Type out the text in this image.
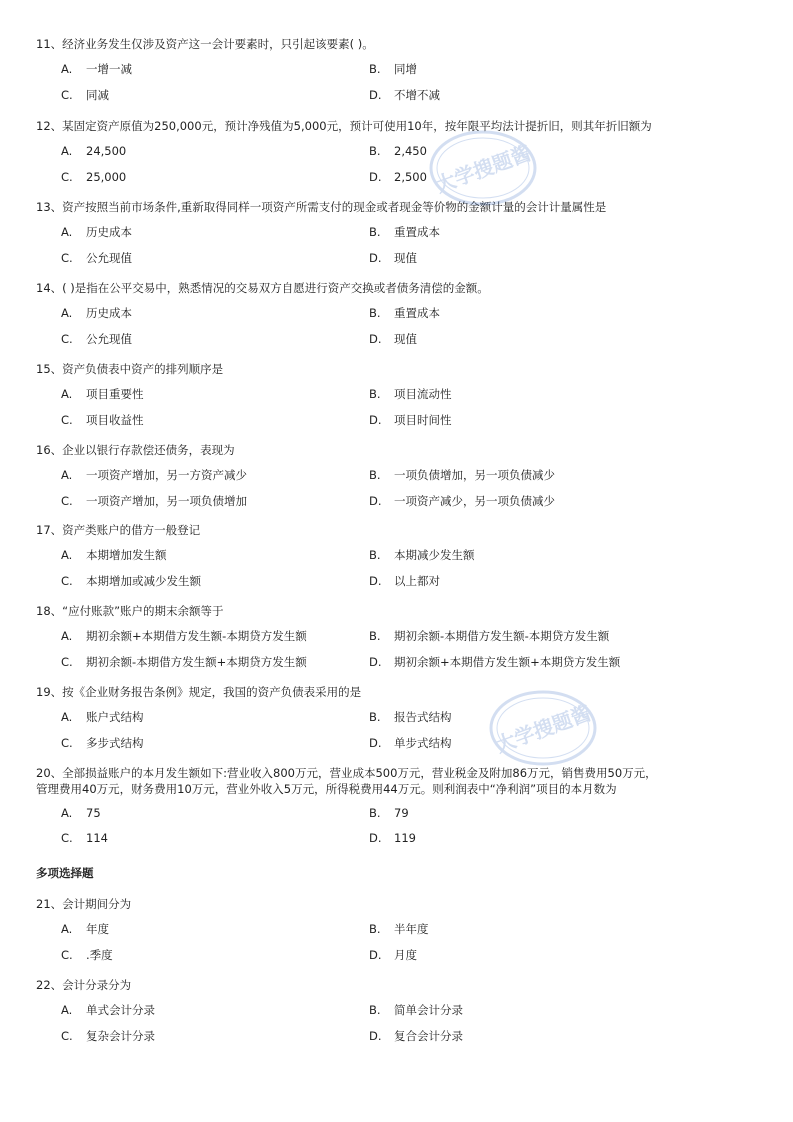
11、经济业务发生仅涉及资产这一会计要素时，只引起该要素( )。
A. 一增一减	B. 同增
C. 同减	D. 不增不减
12、某固定资产原值为250,000元，预计净残值为5,000元，预计可使用10年，按年限平均法计提折旧，则其年折旧额为
A. 24,500	B. 2,450
C. 25,000	D. 2,500
13、资产按照当前市场条件,重新取得同样一项资产所需支付的现金或者现金等价物的金额计量的会计计量属性是
A. 历史成本	B. 重置成本
C. 公允现值	D. 现值
14、( )是指在公平交易中，熟悉情况的交易双方自愿进行资产交换或者债务清偿的金额。
A. 历史成本	B. 重置成本
C. 公允现值	D. 现值
15、资产负债表中资产的排列顺序是
A. 项目重要性	B. 项目流动性
C. 项目收益性	D. 项目时间性
16、企业以银行存款偿还债务，表现为
A. 一项资产增加，另一方资产减少	B. 一项负债增加，另一项负债减少
C. 一项资产增加，另一项负债增加	D. 一项资产减少，另一项负债减少
17、资产类账户的借方一般登记
A. 本期增加发生额	B. 本期减少发生额
C. 本期增加或减少发生额	D. 以上都对
18、“应付账款”账户的期末余额等于
A. 期初余额+本期借方发生额-本期贷方发生额	B. 期初余额-本期借方发生额-本期贷方发生额
C. 期初余额-本期借方发生额+本期贷方发生额	D. 期初余额+本期借方发生额+本期贷方发生额
19、按《企业财务报告条例》规定，我国的资产负债表采用的是
A. 账户式结构	B. 报告式结构
C. 多步式结构	D. 单步式结构
20、全部损益账户的本月发生额如下:营业收入800万元，营业成本500万元，营业税金及附加86万元，销售费用50万元，
管理费用40万元，财务费用10万元，营业外收入5万元，所得税费用44万元。则利润表中“净利润”项目的本月数为
A. 75	B. 79
C. 114	D. 119
多项选择题
21、会计期间分为
A. 年度	B. 半年度
C. .季度	D. 月度
22、会计分录分为
A. 单式会计分录	B. 简单会计分录
C. 复杂会计分录	D. 复合会计分录
大学搜题酱
大学搜题酱
